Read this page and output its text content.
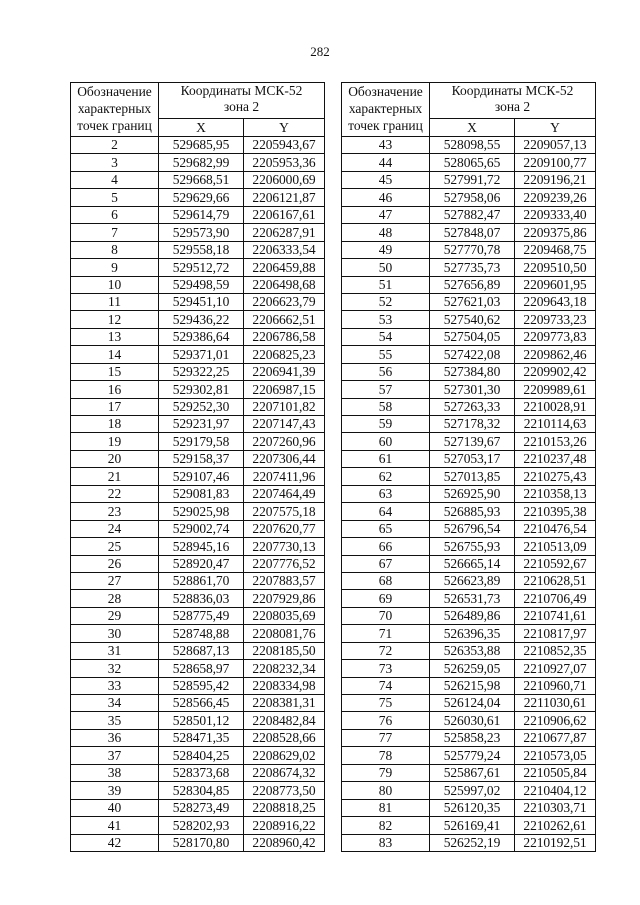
282
Обозначение
характерных
точек границ	Координаты МСК-52
зона 2	

	X	Y
2	529685,95	2205943,67
3	529682,99	2205953,36
4	529668,51	2206000,69
5	529629,66	2206121,87
6	529614,79	2206167,61
7	529573,90	2206287,91
8	529558,18	2206333,54
9	529512,72	2206459,88
10	529498,59	2206498,68
11	529451,10	2206623,79
12	529436,22	2206662,51
13	529386,64	2206786,58
14	529371,01	2206825,23
15	529322,25	2206941,39
16	529302,81	2206987,15
17	529252,30	2207101,82
18	529231,97	2207147,43
19	529179,58	2207260,96
20	529158,37	2207306,44
21	529107,46	2207411,96
22	529081,83	2207464,49
23	529025,98	2207575,18
24	529002,74	2207620,77
25	528945,16	2207730,13
26	528920,47	2207776,52
27	528861,70	2207883,57
28	528836,03	2207929,86
29	528775,49	2208035,69
30	528748,88	2208081,76
31	528687,13	2208185,50
32	528658,97	2208232,34
33	528595,42	2208334,98
34	528566,45	2208381,31
35	528501,12	2208482,84
36	528471,35	2208528,66
37	528404,25	2208629,02
38	528373,68	2208674,32
39	528304,85	2208773,50
40	528273,49	2208818,25
41	528202,93	2208916,22
42	528170,80	2208960,42
Обозначение
характерных
точек границ	Координаты МСК-52
зона 2	

	X	Y
43	528098,55	2209057,13
44	528065,65	2209100,77
45	527991,72	2209196,21
46	527958,06	2209239,26
47	527882,47	2209333,40
48	527848,07	2209375,86
49	527770,78	2209468,75
50	527735,73	2209510,50
51	527656,89	2209601,95
52	527621,03	2209643,18
53	527540,62	2209733,23
54	527504,05	2209773,83
55	527422,08	2209862,46
56	527384,80	2209902,42
57	527301,30	2209989,61
58	527263,33	2210028,91
59	527178,32	2210114,63
60	527139,67	2210153,26
61	527053,17	2210237,48
62	527013,85	2210275,43
63	526925,90	2210358,13
64	526885,93	2210395,38
65	526796,54	2210476,54
66	526755,93	2210513,09
67	526665,14	2210592,67
68	526623,89	2210628,51
69	526531,73	2210706,49
70	526489,86	2210741,61
71	526396,35	2210817,97
72	526353,88	2210852,35
73	526259,05	2210927,07
74	526215,98	2210960,71
75	526124,04	2211030,61
76	526030,61	2210906,62
77	525858,23	2210677,87
78	525779,24	2210573,05
79	525867,61	2210505,84
80	525997,02	2210404,12
81	526120,35	2210303,71
82	526169,41	2210262,61
83	526252,19	2210192,51
